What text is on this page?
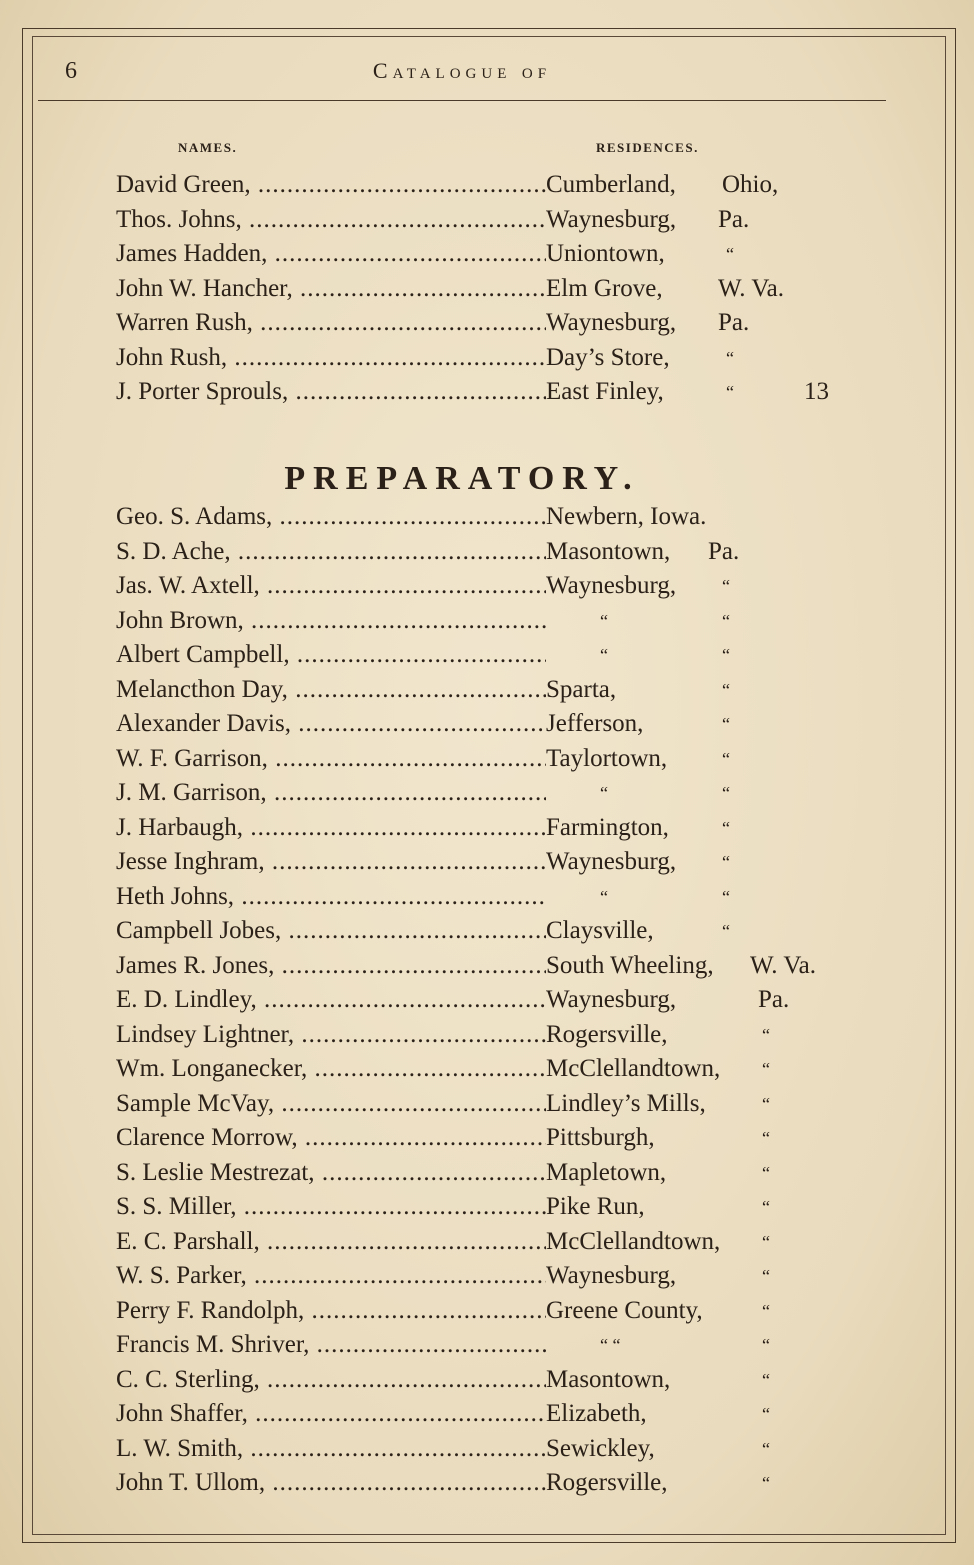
6	Catalogue of
NAMES.	RESIDENCES.
David Green, .....	Cumberland, Ohio,
Thos. Johns, .....	Waynesburg, Pa.
James Hadden, .....	Uniontown,	“
John W. Hancher, .....	Elm Grove, W. Va.
Warren Rush, .....	Waynesburg, Pa.
John Rush, .....	Day’s Store,	“
J. Porter Sprouls, .....	East Finley,	“	13
PREPARATORY.
Geo. S. Adams, .....	Newbern, Iowa.
S. D. Ache, .....	Masontown, Pa.
Jas. W. Axtell, .....	Waynesburg,	“
John Brown, .....	“	“
Albert Campbell, .....	“	“
Melancthon Day, .....	Sparta,	“
Alexander Davis, .....	Jefferson,	“
W. F. Garrison, .....	Taylortown,	“
J. M. Garrison, .....	“	“
J. Harbaugh, .....	Farmington,	“
Jesse Inghram, .....	Waynesburg,	“
Heth Johns, .....	“	“
Campbell Jobes, .....	Claysville,	“
James R. Jones, .....	South Wheeling, W. Va.
E. D. Lindley, .....	Waynesburg,	Pa.
Lindsey Lightner, .....	Rogersville,	“
Wm. Longanecker, .....	McClellandtown, “
Sample McVay, .....	Lindley’s Mills,	“
Clarence Morrow, .....	Pittsburgh,	“
S. Leslie Mestrezat, .....	Mapletown,	“
S. S. Miller, .....	Pike Run,	“
E. C. Parshall, .....	McClellandtown, “
W. S. Parker, .....	Waynesburg,	“
Perry F. Randolph, .....	Greene County,	“
Francis M. Shriver, .....	“ “	“
C. C. Sterling, .....	Masontown,	“
John Shaffer, .....	Elizabeth,	“
L. W. Smith, .....	Sewickley,	“
John T. Ullom, .....	Rogersville,	“
